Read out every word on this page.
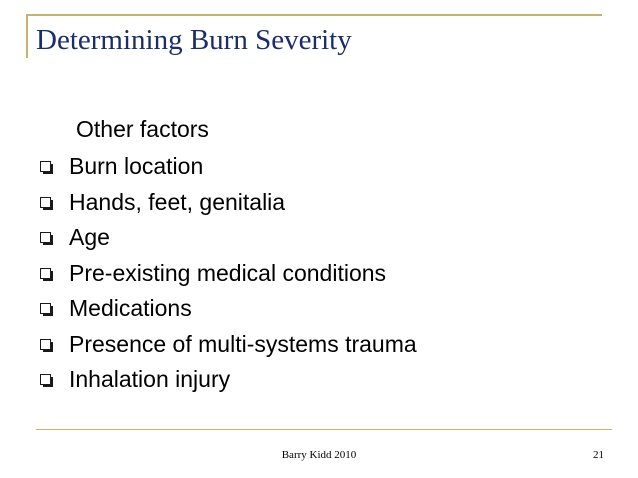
Determining Burn Severity
Other factors
Burn location
Hands, feet, genitalia
Age
Pre-existing medical conditions
Medications
Presence of multi-systems trauma
Inhalation injury
Barry Kidd 2010	21
